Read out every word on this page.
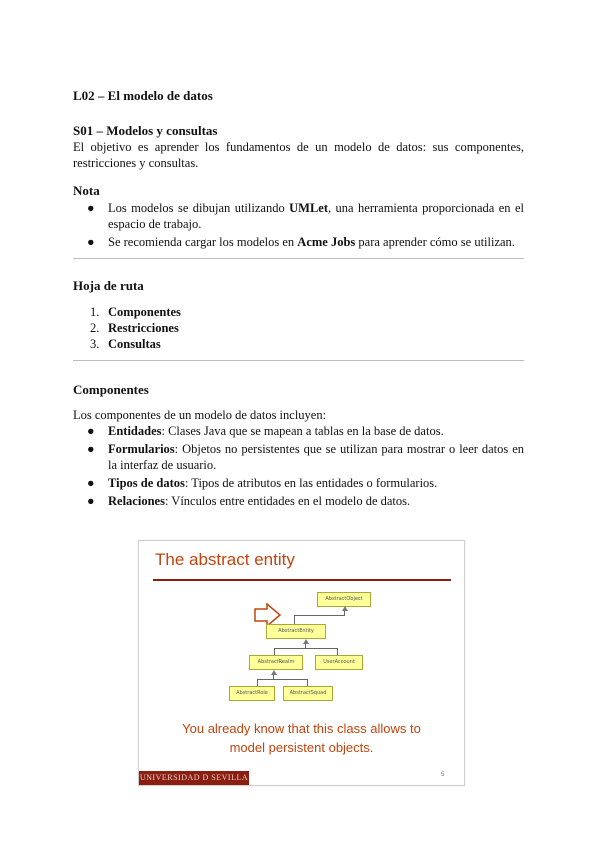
L02 – El modelo de datos
S01 – Modelos y consultas
El objetivo es aprender los fundamentos de un modelo de datos: sus componentes, restricciones y consultas.
Nota
● Los modelos se dibujan utilizando UMLet, una herramienta proporcionada en el espacio de trabajo.
● Se recomienda cargar los modelos en Acme Jobs para aprender cómo se utilizan.
Hoja de ruta
1. Componentes
2. Restricciones
3. Consultas
Componentes
Los componentes de un modelo de datos incluyen:
● Entidades: Clases Java que se mapean a tablas en la base de datos.
● Formularios: Objetos no persistentes que se utilizan para mostrar o leer datos en la interfaz de usuario.
● Tipos de datos: Tipos de atributos en las entidades o formularios.
● Relaciones: Vínculos entre entidades en el modelo de datos.
The abstract entity
AbstractObject
AbstractEntity
AbstractRealm	UserAccount
AbstractRole	AbstractSquad
You already know that this class allows to
model persistent objects.
UNIVERSIDAD D SEVILLA	5
